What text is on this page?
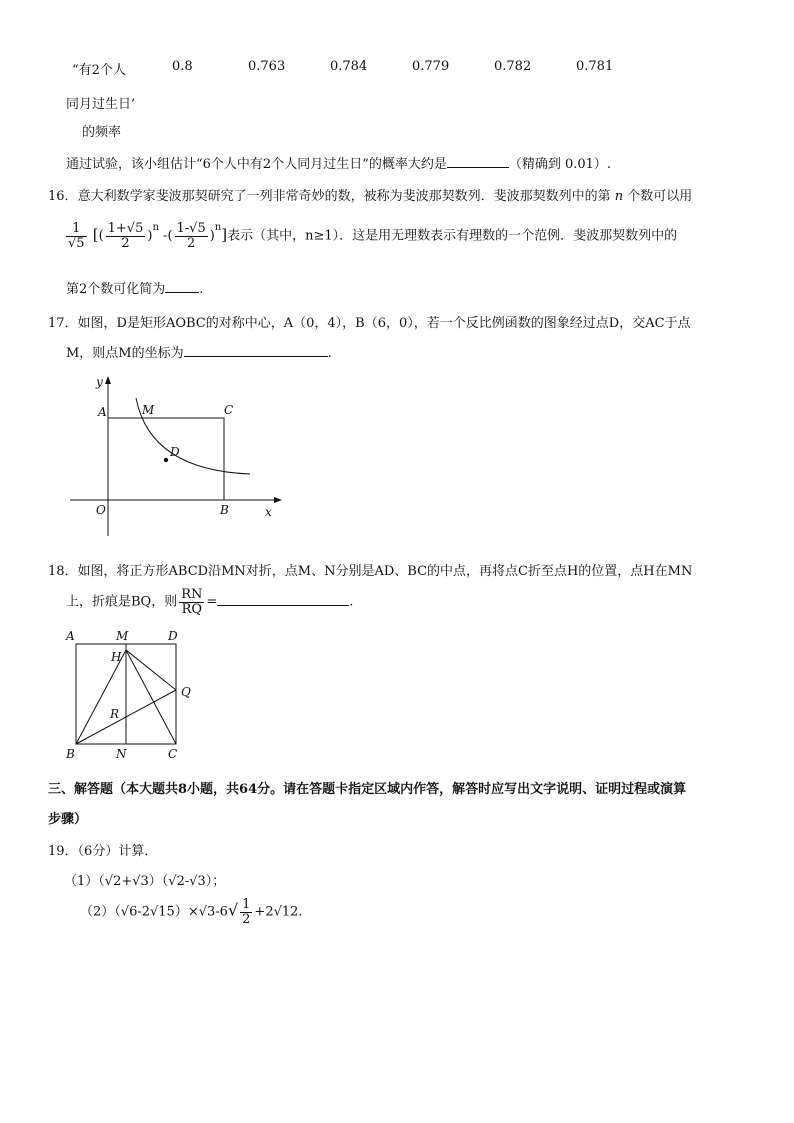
“有2个人	0.8	0.763	0.784	0.779	0.782	0.781
同月过生日’
的频率
通过试验，该小组估计“6个人中有2个人同月过生日”的概率大约是	（精确到 0.01）.
16．意大利数学家斐波那契研究了一列非常奇妙的数，被称为斐波那契数列．斐波那契数列中的第 n 个数可以用
$\frac{1}{√5}$ [( $\frac{1+√5}{2} )^n$ -( $\frac{1-√5}{2} )^n$]表示（其中，n≥1）．这是用无理数表示有理数的一个范例．斐波那契数列中的
第2个数可化简为	.
17．如图，D是矩形AOBC的对称中心，A（0，4），B（6，0），若一个反比例函数的图象经过点D，交AC于点
M，则点M的坐标为	.
y
x
A	M	C
D
O	B
18．如图，将正方形ABCD沿MN对折，点M、N分别是AD、BC的中点，再将点C折至点H的位置，点H在MN
上，折痕是BQ，则 $\frac{RN}{RQ}$ =	.
A	M	D
H
Q
R
B	N	C
三、解答题（本大题共8小题，共64分。请在答题卡指定区域内作答，解答时应写出文字说明、证明过程或演算
步骤）
19．（6分）计算．
（1）（√2+√3）（√2-√3）；
$(2)(√6-2√15)\times√3-6√ \frac{1}{2} +2√12$.
